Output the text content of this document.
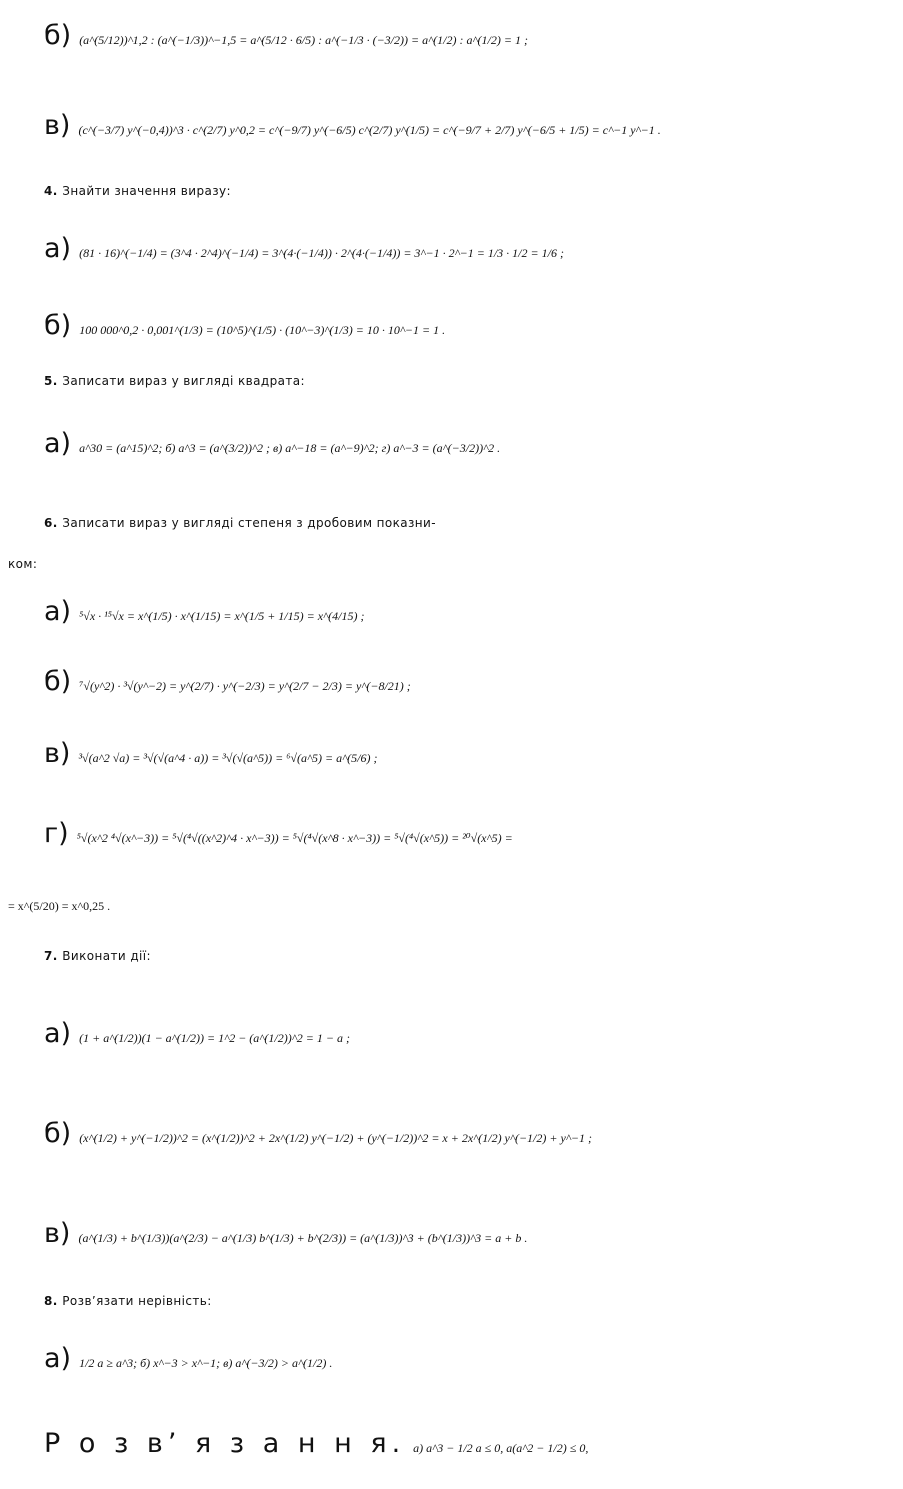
б) (a^(5/12))^1,2 : (a^(−1/3))^−1,5 = a^(5/12 · 6/5) : a^(−1/3 · (−3/2)) = a^(1/2) : a^(1/2) = 1 ;
в) (c^(−3/7) y^(−0,4))^3 · c^(2/7) y^0,2 = c^(−9/7) y^(−6/5) c^(2/7) y^(1/5) = c^(−9/7 + 2/7) y^(−6/5 + 1/5) = c^−1 y^−1 .
4. Знайти значення виразу:
а) (81 · 16)^(−1/4) = (3^4 · 2^4)^(−1/4) = 3^(4·(−1/4)) · 2^(4·(−1/4)) = 3^−1 · 2^−1 = 1/3 · 1/2 = 1/6 ;
б) 100 000^0,2 · 0,001^(1/3) = (10^5)^(1/5) · (10^−3)^(1/3) = 10 · 10^−1 = 1 .
5. Записати вираз у вигляді квадрата:
а) a^30 = (a^15)^2; б) a^3 = (a^(3/2))^2 ; в) a^−18 = (a^−9)^2; г) a^−3 = (a^(−3/2))^2 .
6. Записати вираз у вигляді степеня з дробовим показни-
ком:
а) ⁵√x · ¹⁵√x = x^(1/5) · x^(1/15) = x^(1/5 + 1/15) = x^(4/15) ;
б) ⁷√(y^2) · ³√(y^−2) = y^(2/7) · y^(−2/3) = y^(2/7 − 2/3) = y^(−8/21) ;
в) ³√(a^2 √a) = ³√(√(a^4 · a)) = ³√(√(a^5)) = ⁶√(a^5) = a^(5/6) ;
г) ⁵√(x^2 ⁴√(x^−3)) = ⁵√(⁴√((x^2)^4 · x^−3)) = ⁵√(⁴√(x^8 · x^−3)) = ⁵√(⁴√(x^5)) = ²⁰√(x^5) =
= x^(5/20) = x^0,25 .
7. Виконати дії:
а) (1 + a^(1/2))(1 − a^(1/2)) = 1^2 − (a^(1/2))^2 = 1 − a ;
б) (x^(1/2) + y^(−1/2))^2 = (x^(1/2))^2 + 2x^(1/2) y^(−1/2) + (y^(−1/2))^2 = x + 2x^(1/2) y^(−1/2) + y^−1 ;
в) (a^(1/3) + b^(1/3))(a^(2/3) − a^(1/3) b^(1/3) + b^(2/3)) = (a^(1/3))^3 + (b^(1/3))^3 = a + b .
8. Розв’язати нерівність:
а) 1/2 a ≥ a^3; б) x^−3 > x^−1; в) a^(−3/2) > a^(1/2) .
Р о з в’ я з а н н я. а) a^3 − 1/2 a ≤ 0, a(a^2 − 1/2) ≤ 0,
